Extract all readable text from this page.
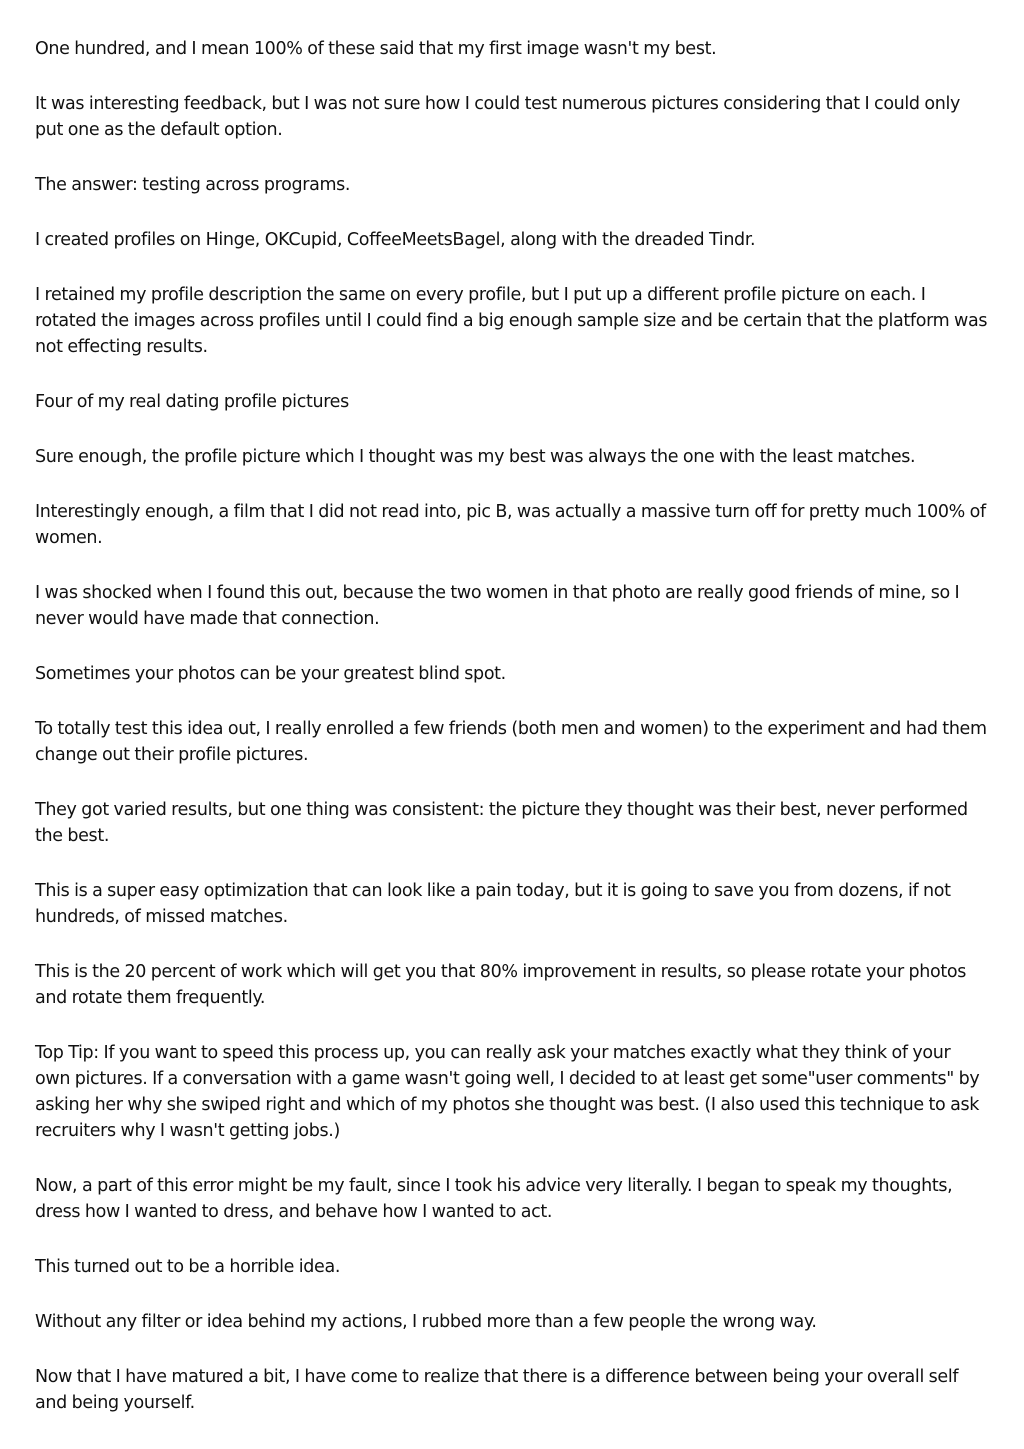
One hundred, and I mean 100% of these said that my first image wasn't my best.

It was interesting feedback, but I was not sure how I could test numerous pictures considering that I could only put one as the default option.

The answer: testing across programs.

I created profiles on Hinge, OKCupid, CoffeeMeetsBagel, along with the dreaded Tindr.

I retained my profile description the same on every profile, but I put up a different profile picture on each. I rotated the images across profiles until I could find a big enough sample size and be certain that the platform was not effecting results.

Four of my real dating profile pictures

Sure enough, the profile picture which I thought was my best was always the one with the least matches.

Interestingly enough, a film that I did not read into, pic B, was actually a massive turn off for pretty much 100% of women.

I was shocked when I found this out, because the two women in that photo are really good friends of mine, so I never would have made that connection.

Sometimes your photos can be your greatest blind spot.

To totally test this idea out, I really enrolled a few friends (both men and women) to the experiment and had them change out their profile pictures.

They got varied results, but one thing was consistent: the picture they thought was their best, never performed the best.

This is a super easy optimization that can look like a pain today, but it is going to save you from dozens, if not hundreds, of missed matches.

This is the 20 percent of work which will get you that 80% improvement in results, so please rotate your photos and rotate them frequently.

Top Tip: If you want to speed this process up, you can really ask your matches exactly what they think of your own pictures. If a conversation with a game wasn't going well, I decided to at least get some"user comments" by asking her why she swiped right and which of my photos she thought was best. (I also used this technique to ask recruiters why I wasn't getting jobs.)

Now, a part of this error might be my fault, since I took his advice very literally. I began to speak my thoughts, dress how I wanted to dress, and behave how I wanted to act.

This turned out to be a horrible idea.

Without any filter or idea behind my actions, I rubbed more than a few people the wrong way.

Now that I have matured a bit, I have come to realize that there is a difference between being your overall self and being yourself.
